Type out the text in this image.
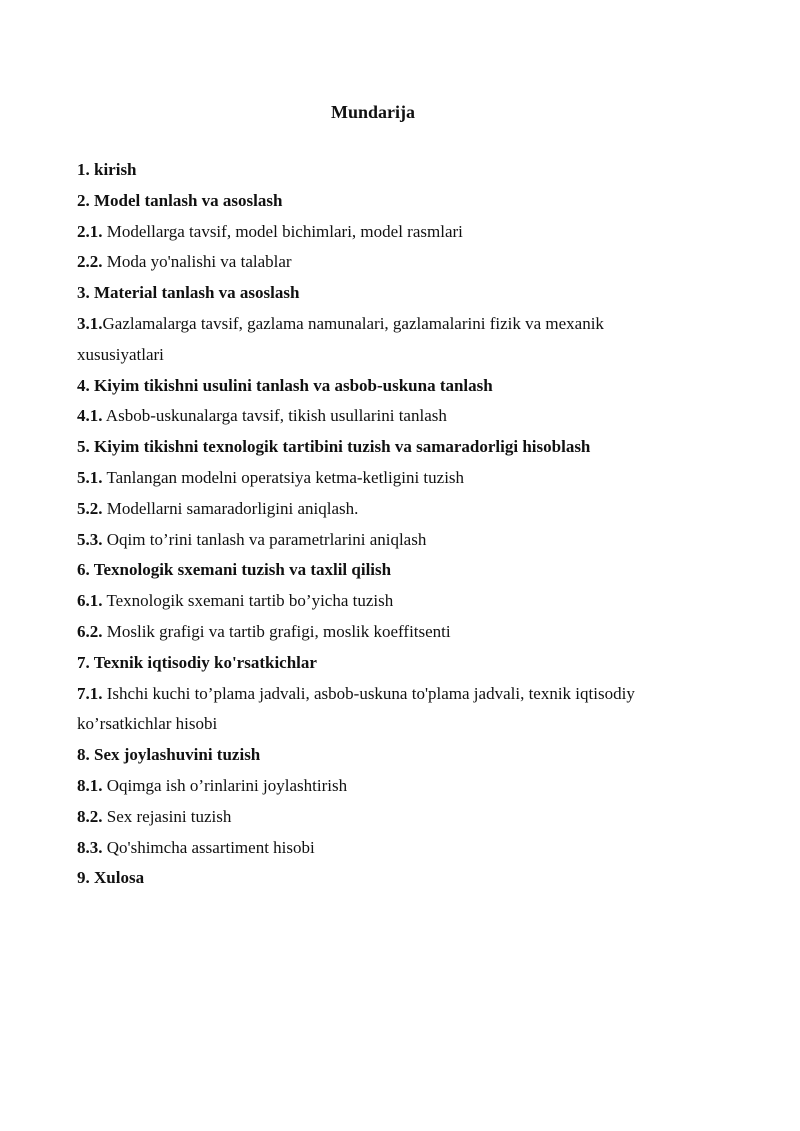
Mundarija
1. kirish
2. Model tanlash va asoslash
2.1. Modellarga tavsif, model bichimlari, model rasmlari
2.2. Moda yo'nalishi va talablar
3. Material tanlash va asoslash
3.1.Gazlamalarga tavsif, gazlama namunalari, gazlamalarini fizik va mexanik xususiyatlari
4. Kiyim tikishni usulini tanlash va asbob-uskuna tanlash
4.1. Asbob-uskunalarga tavsif, tikish usullarini tanlash
5. Kiyim tikishni texnologik tartibini tuzish va samaradorligi hisoblash
5.1. Tanlangan modelni operatsiya ketma-ketligini tuzish
5.2. Modellarni samaradorligini aniqlash.
5.3. Oqim to’rini tanlash va parametrlarini aniqlash
6. Texnologik sxemani tuzish va taxlil qilish
6.1. Texnologik sxemani tartib bo’yicha tuzish
6.2. Moslik grafigi va tartib grafigi, moslik koeffitsenti
7. Texnik iqtisodiy ko'rsatkichlar
7.1. Ishchi kuchi to’plama jadvali, asbob-uskuna to'plama jadvali, texnik iqtisodiy ko’rsatkichlar hisobi
8. Sex joylashuvini tuzish
8.1. Oqimga ish o’rinlarini joylashtirish
8.2. Sex rejasini tuzish
8.3. Qo'shimcha assartiment hisobi
9. Xulosa
